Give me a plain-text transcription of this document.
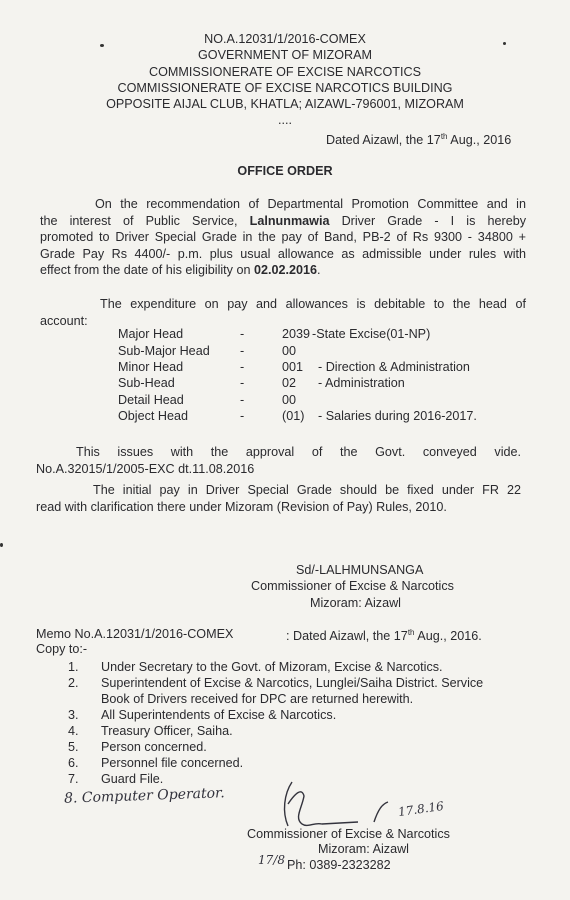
NO.A.12031/1/2016-COMEX
GOVERNMENT OF MIZORAM
COMMISSIONERATE OF EXCISE NARCOTICS
COMMISSIONERATE OF EXCISE NARCOTICS BUILDING
OPPOSITE AIJAL CLUB, KHATLA; AIZAWL-796001, MIZORAM
....
Dated Aizawl, the 17th Aug., 2016
OFFICE ORDER
On the recommendation of Departmental Promotion Committee and in
the interest of Public Service, Lalnunmawia Driver Grade - I is hereby
promoted to Driver Special Grade in the pay of Band, PB-2 of Rs 9300 - 34800 +
Grade Pay Rs 4400/- p.m. plus usual allowance as admissible under rules with
effect from the date of his eligibility on 02.02.2016.
The expenditure on pay and allowances is debitable to the head of
account:
Major Head	-	2039 -State Excise(01-NP)
Sub-Major Head -	00
Minor Head	-	001 - Direction & Administration
Sub-Head	-	02 - Administration
Detail Head	-	00
Object Head	-	(01) - Salaries during 2016-2017.
This issues with the approval of the Govt. conveyed vide.
No.A.32015/1/2005-EXC dt.11.08.2016
The initial pay in Driver Special Grade should be fixed under FR 22
read with clarification there under Mizoram (Revision of Pay) Rules, 2010.
Sd/-LALHMUNSANGA
Commissioner of Excise & Narcotics
Mizoram: Aizawl
Memo No.A.12031/1/2016-COMEX	: Dated Aizawl, the 17th Aug., 2016.
Copy to:-
1. Under Secretary to the Govt. of Mizoram, Excise & Narcotics.
2. Superintendent of Excise & Narcotics, Lunglei/Saiha District. Service
Book of Drivers received for DPC are returned herewith.
3. All Superintendents of Excise & Narcotics.
4. Treasury Officer, Saiha.
5. Person concerned.
6. Personnel file concerned.
7. Guard File.
8. Computer Operator.
17.8.16
Commissioner of Excise & Narcotics
Mizoram: Aizawl
17/8 Ph: 0389-2323282
